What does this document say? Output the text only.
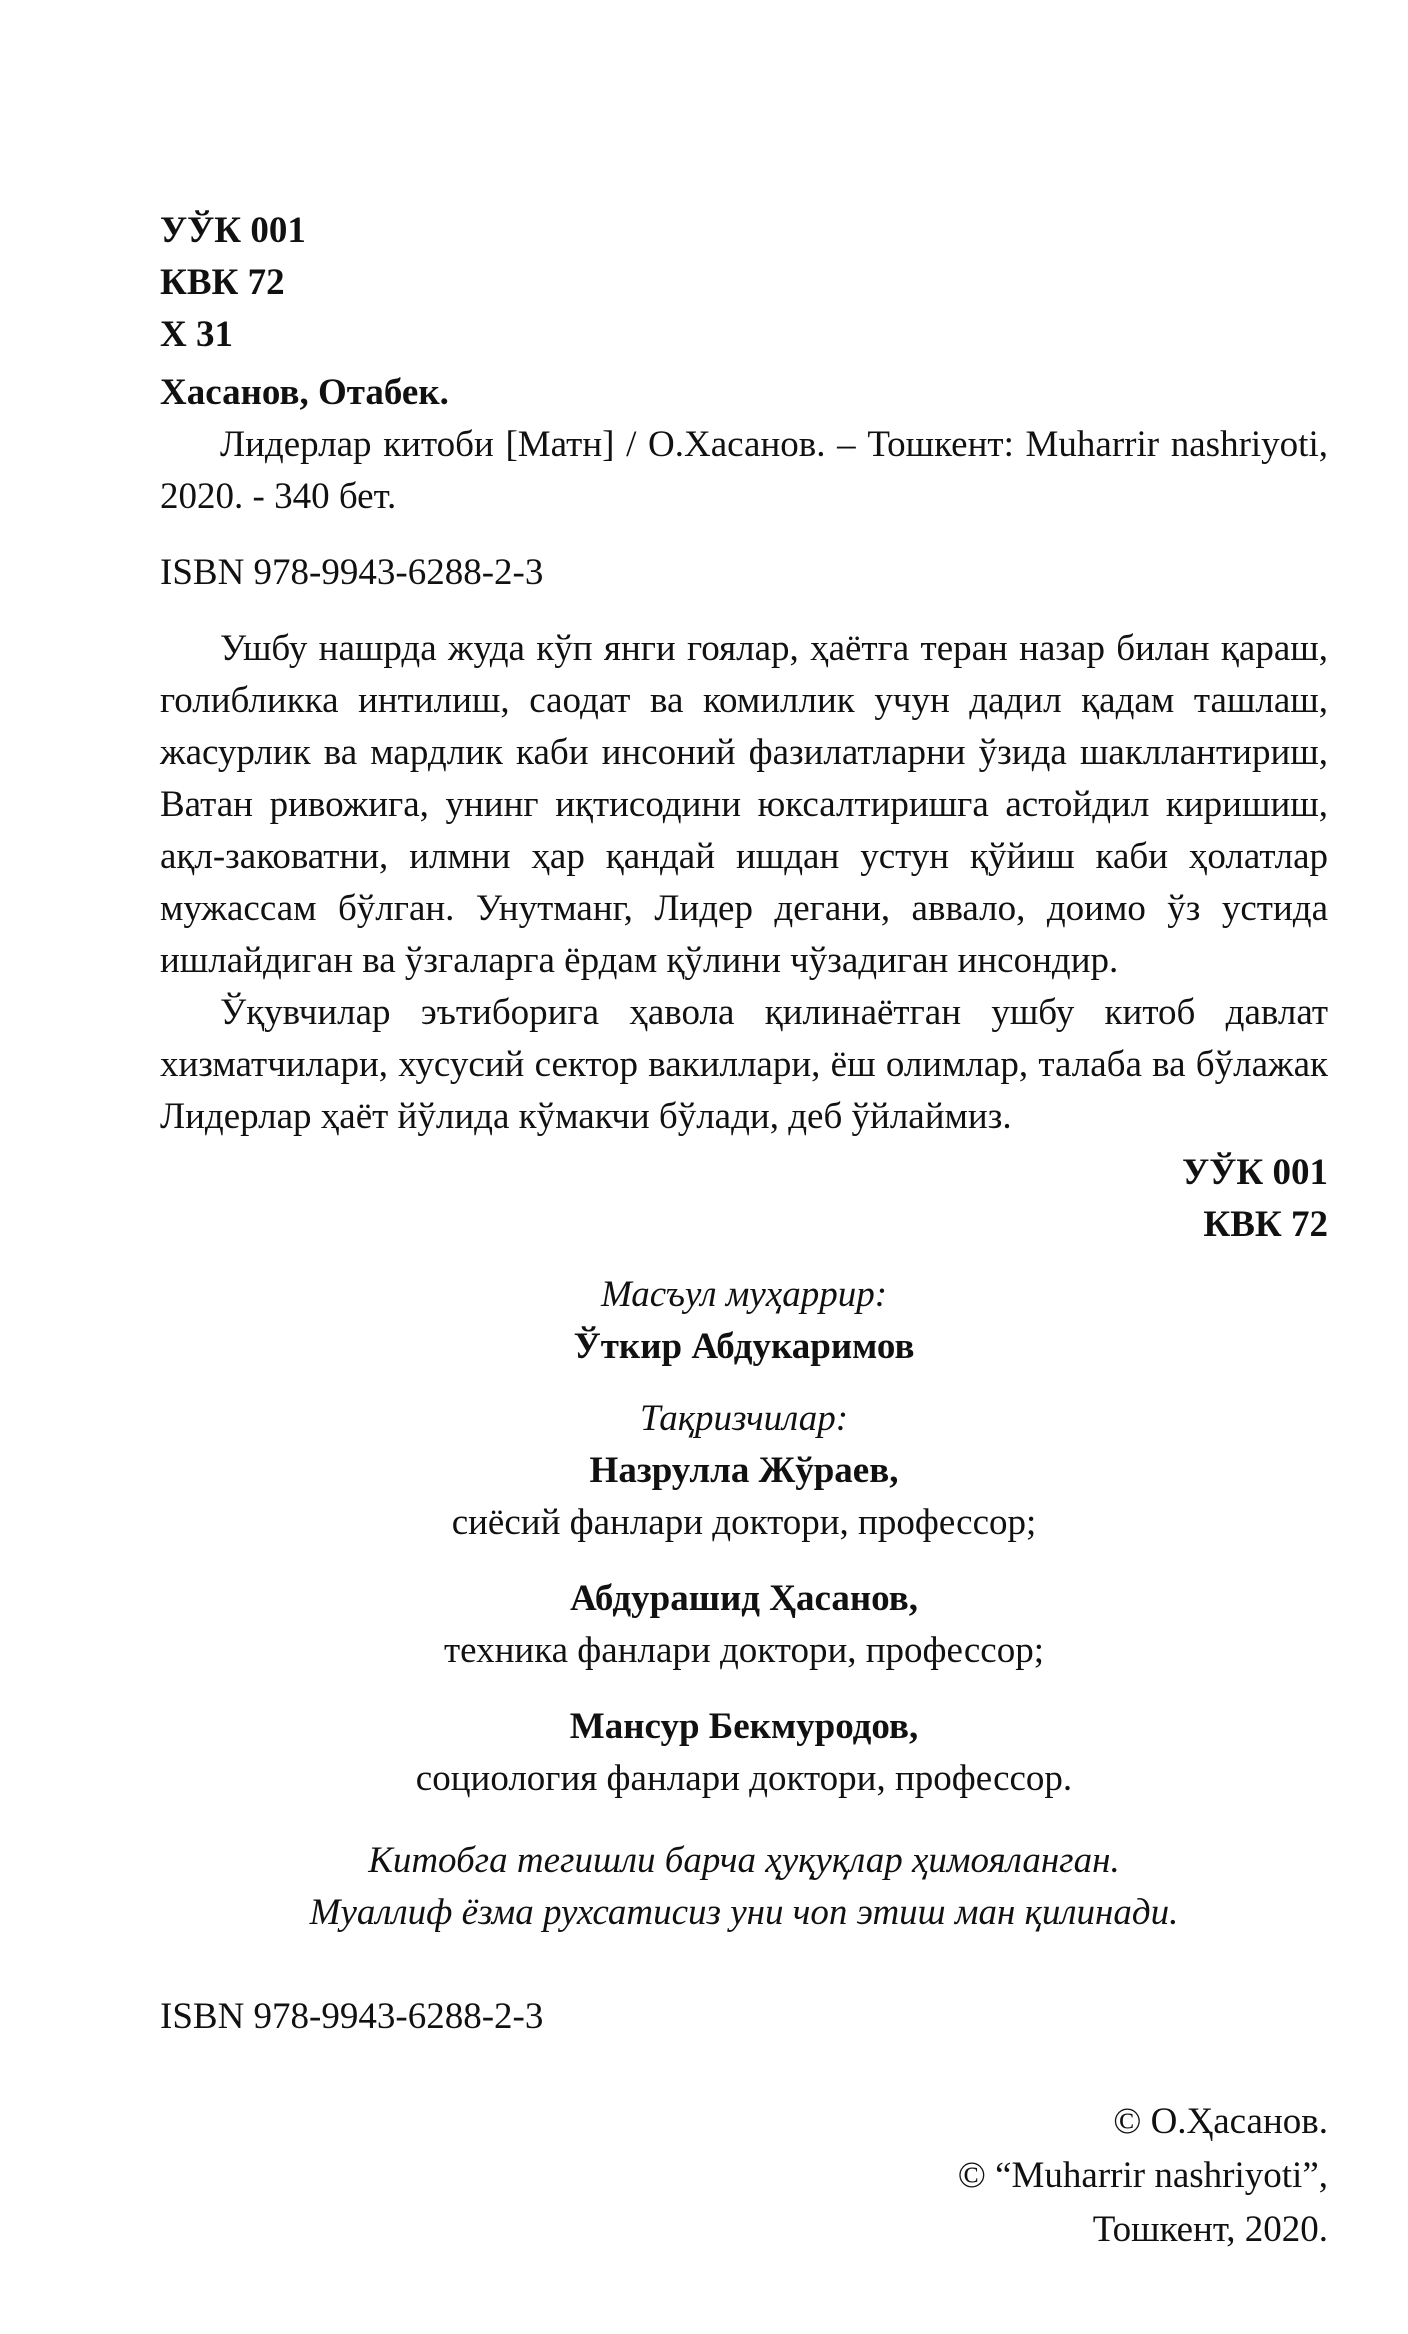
УЎК 001
КВК 72
Х 31
Хасанов, Отабек.
Лидерлар китоби [Матн] / О.Хасанов. – Тошкент: Muharrir nashriyoti, 2020. - 340 бет.
ISBN 978-9943-6288-2-3

Ушбу нашрда жуда кўп янги гоялар, ҳаётга теран назар билан қараш, голибликка интилиш, саодат ва комиллик учун дадил қадам ташлаш, жасурлик ва мардлик каби инсоний фазилатларни ўзида шакллантириш, Ватан ривожига, унинг иқтисодини юксалтиришга астойдил киришиш, ақл-заковатни, илмни ҳар қандай ишдан устун қўйиш каби ҳолатлар мужассам бўлган. Унутманг, Лидер дегани, аввало, доимо ўз устида ишлайдиган ва ўзгаларга ёрдам қўлини чўзадиган инсондир.

Ўқувчилар эътиборига ҳавола қилинаётган ушбу китоб давлат хизматчилари, хусусий сектор вакиллари, ёш олимлар, талаба ва бўлажак Лидерлар ҳаёт йўлида кўмакчи бўлади, деб ўйлаймиз.

УЎК 001
КВК 72
Масъул муҳаррир:
Ўткир Абдукаримов
Тақризчилар:
Назрулла Жўраев,
сиёсий фанлари доктори, профессор;
Абдурашид Ҳасанов,
техника фанлари доктори, профессор;
Мансур Бекмуродов,
социология фанлари доктори, профессор.
Китобга тегишли барча ҳуқуқлар ҳимояланган.
Муаллиф ёзма рухсатисиз уни чоп этиш ман қилинади.
ISBN 978-9943-6288-2-3
© О.Ҳасанов.
© “Muharrir nashriyoti”,
Тошкент, 2020.
